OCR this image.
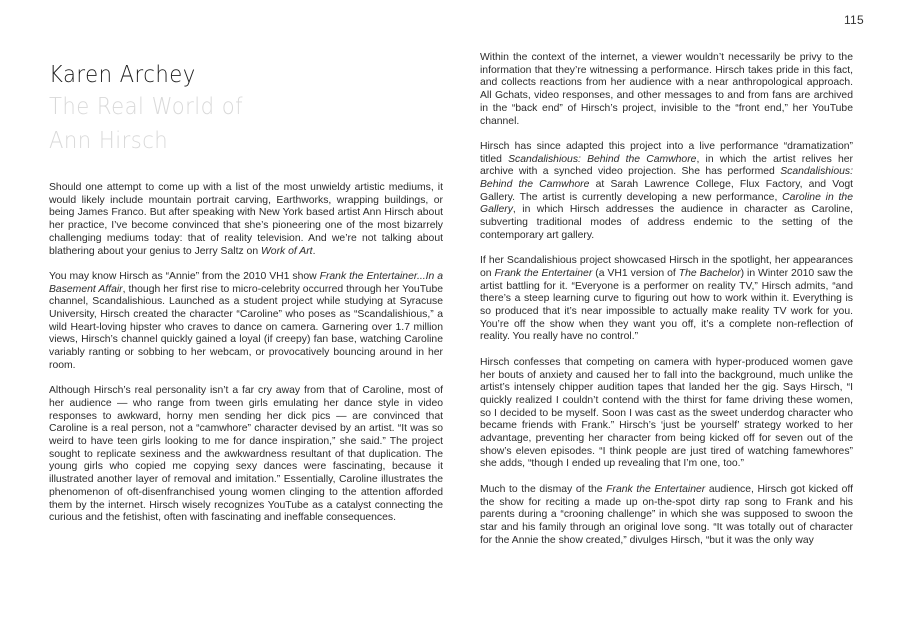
115
Karen Archey
The Real World of
Ann Hirsch

Should one attempt to come up with a list of the most unwieldy artistic mediums, it would likely include mountain portrait carving, Earthworks, wrapping buildings, or being James Franco. But after speaking with New York based artist Ann Hirsch about her practice, I’ve become convinced that she’s pioneering one of the most bizarrely challenging mediums today: that of reality television. And we’re not talking about blathering about your genius to Jerry Saltz on Work of Art.

You may know Hirsch as “Annie” from the 2010 VH1 show Frank the Entertainer...In a Basement Affair, though her first rise to micro-celebrity occurred through her YouTube channel, Scandalishious. Launched as a student project while studying at Syracuse University, Hirsch created the character “Caroline” who poses as “Scandalishious,” a wild Heart-loving hipster who craves to dance on camera. Garnering over 1.7 million views, Hirsch’s channel quickly gained a loyal (if creepy) fan base, watching Caroline variably ranting or sobbing to her webcam, or provocatively bouncing around in her room.

Although Hirsch’s real personality isn’t a far cry away from that of Caroline, most of her audience — who range from tween girls emulating her dance style in video responses to awkward, horny men sending her dick pics — are convinced that Caroline is a real person, not a “camwhore” character devised by an artist. “It was so weird to have teen girls looking to me for dance inspiration,” she said.” The project sought to replicate sexiness and the awkwardness resultant of that duplication. The young girls who copied me copying sexy dances were fascinating, because it illustrated another layer of removal and imitation.” Essentially, Caroline illustrates the phenomenon of oft-disenfranchised young women clinging to the attention afforded them by the internet. Hirsch wisely recognizes YouTube as a catalyst connecting the curious and the fetishist, often with fascinating and ineffable consequences.

Within the context of the internet, a viewer wouldn’t necessarily be privy to the information that they’re witnessing a performance. Hirsch takes pride in this fact, and collects reactions from her audience with a near anthropological approach. All Gchats, video responses, and other messages to and from fans are archived in the “back end” of Hirsch’s project, invisible to the “front end,” her YouTube channel.

Hirsch has since adapted this project into a live performance “dramatization” titled Scandalishious: Behind the Camwhore, in which the artist relives her archive with a synched video projection. She has performed Scandalishious: Behind the Camwhore at Sarah Lawrence College, Flux Factory, and Vogt Gallery. The artist is currently developing a new performance, Caroline in the Gallery, in which Hirsch addresses the audience in character as Caroline, subverting traditional modes of address endemic to the setting of the contemporary art gallery.

If her Scandalishious project showcased Hirsch in the spotlight, her appearances on Frank the Entertainer (a VH1 version of The Bachelor) in Winter 2010 saw the artist battling for it. “Everyone is a performer on reality TV,” Hirsch admits, “and there’s a steep learning curve to figuring out how to work within it. Everything is so produced that it’s near impossible to actually make reality TV work for you. You’re off the show when they want you off, it’s a complete non-reflection of reality. You really have no control.”

Hirsch confesses that competing on camera with hyper-produced women gave her bouts of anxiety and caused her to fall into the background, much unlike the artist’s intensely chipper audition tapes that landed her the gig. Says Hirsch, “I quickly realized I couldn’t contend with the thirst for fame driving these women, so I decided to be myself. Soon I was cast as the sweet underdog character who became friends with Frank.” Hirsch’s ‘just be yourself’ strategy worked to her advantage, preventing her character from being kicked off for seven out of the show’s eleven episodes. “I think people are just tired of watching famewhores” she adds, “though I ended up revealing that I’m one, too.”

Much to the dismay of the Frank the Entertainer audience, Hirsch got kicked off the show for reciting a made up on-the-spot dirty rap song to Frank and his parents during a “crooning challenge” in which she was supposed to swoon the star and his family through an original love song. “It was totally out of character for the Annie the show created,” divulges Hirsch, “but it was the only way
